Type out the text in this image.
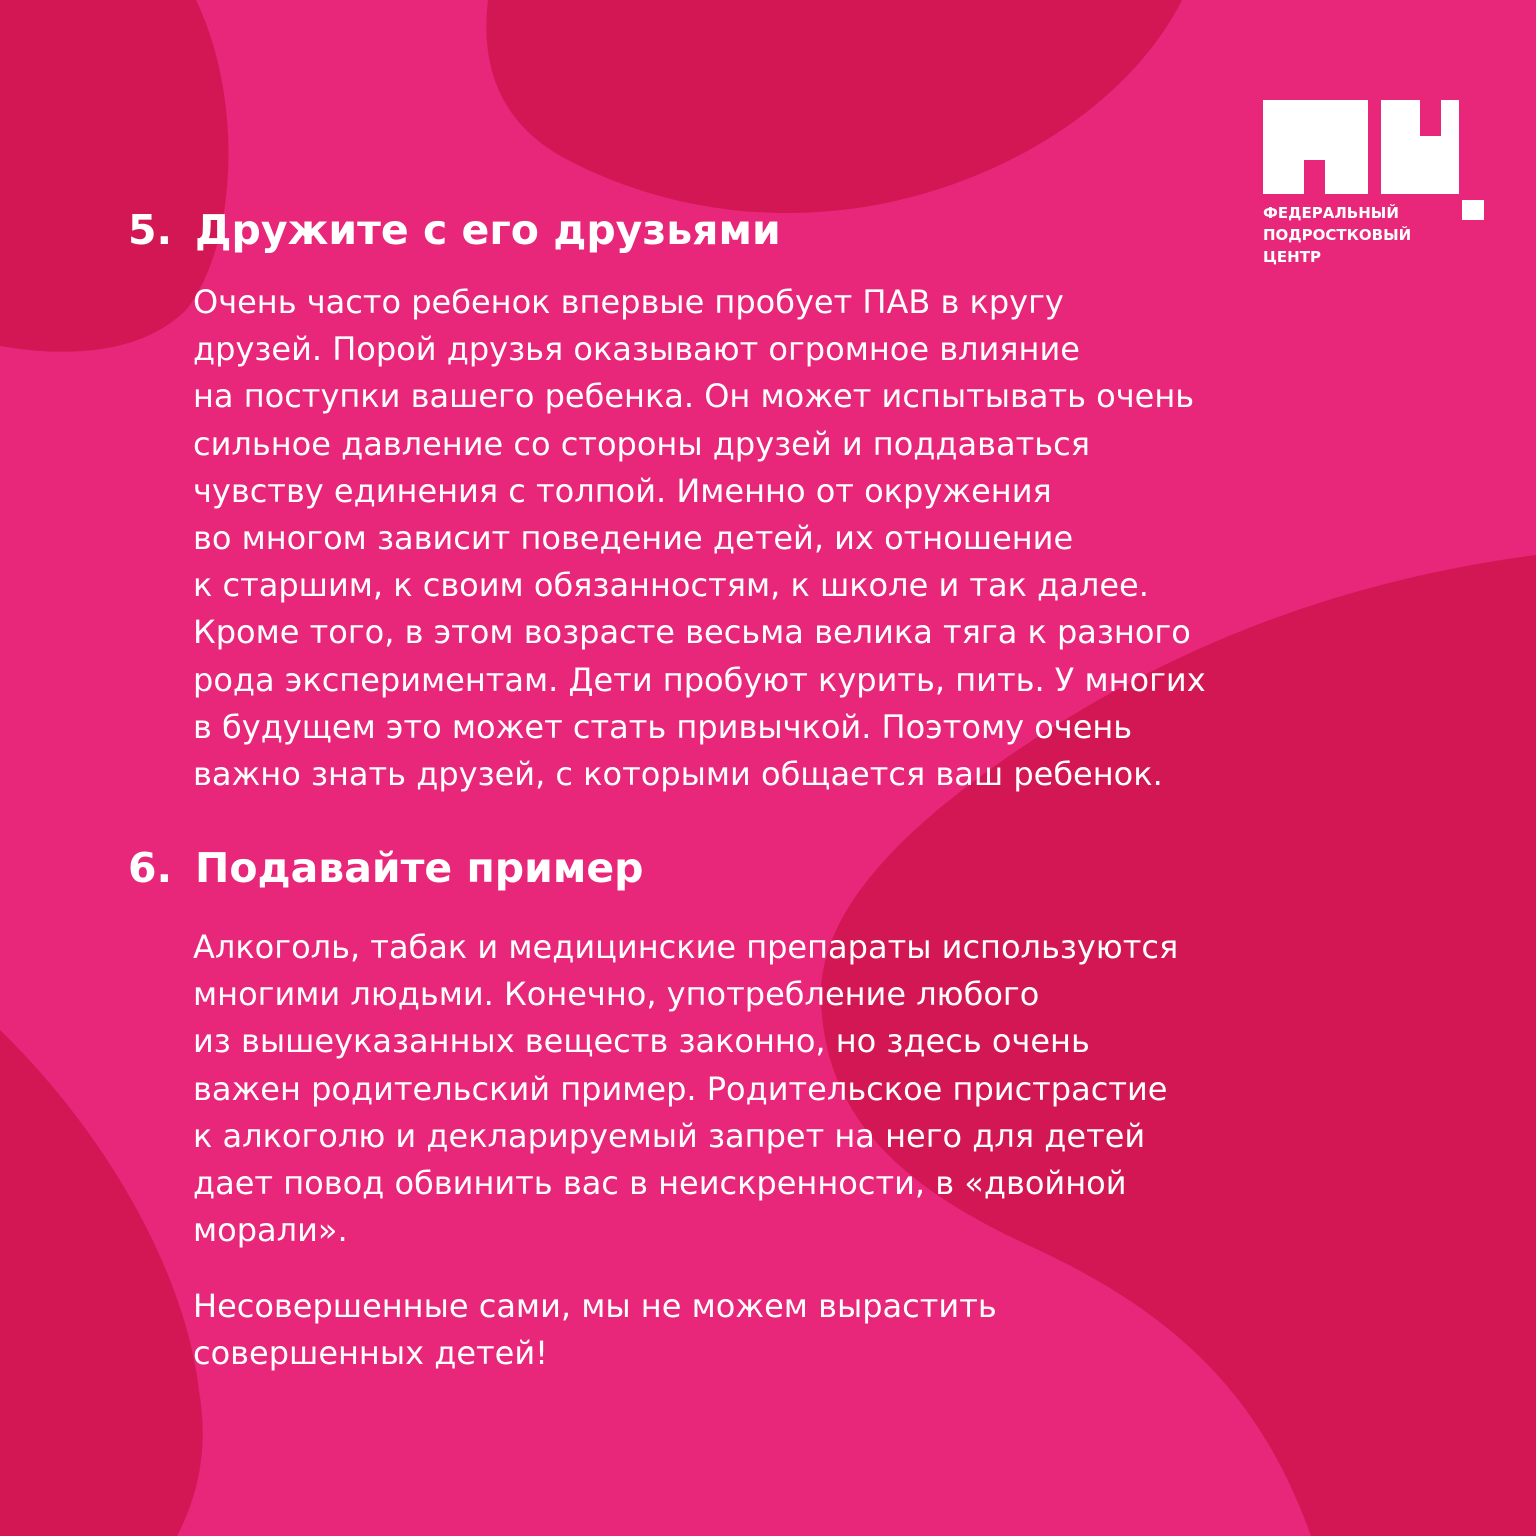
ФЕДЕРАЛЬНЫЙ
ПОДРОСТКОВЫЙ
ЦЕНТР
5. Дружите с его друзьями

Очень часто ребенок впервые пробует ПАВ в кругу
друзей. Порой друзья оказывают огромное влияние
на поступки вашего ребенка. Он может испытывать очень
сильное давление со стороны друзей и поддаваться
чувству единения с толпой. Именно от окружения
во многом зависит поведение детей, их отношение
к старшим, к своим обязанностям, к школе и так далее.
Кроме того, в этом возрасте весьма велика тяга к разного
рода экспериментам. Дети пробуют курить, пить. У многих
в будущем это может стать привычкой. Поэтому очень
важно знать друзей, с которыми общается ваш ребенок.

6. Подавайте пример

Алкоголь, табак и медицинские препараты используются
многими людьми. Конечно, употребление любого
из вышеуказанных веществ законно, но здесь очень
важен родительский пример. Родительское пристрастие
к алкоголю и декларируемый запрет на него для детей
дает повод обвинить вас в неискренности, в «двойной
морали».

Несовершенные сами, мы не можем вырастить
совершенных детей!
